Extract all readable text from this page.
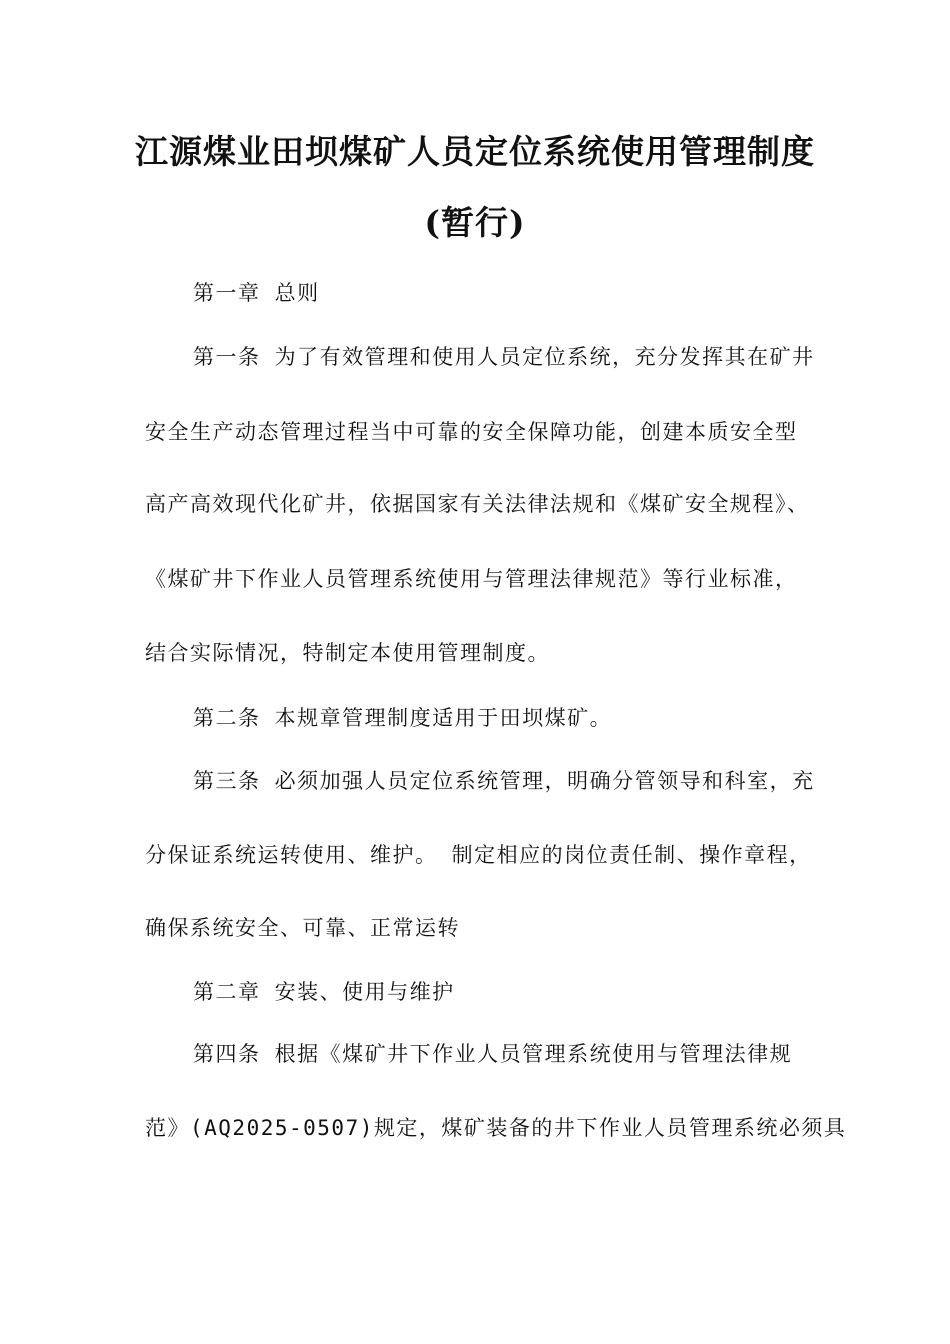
江源煤业田坝煤矿人员定位系统使用管理制度
(暂行)

第一章 总则

第一条 为了有效管理和使用人员定位系统，充分发挥其在矿井

安全生产动态管理过程当中可靠的安全保障功能，创建本质安全型

高产高效现代化矿井，依据国家有关法律法规和《煤矿安全规程》、

《煤矿井下作业人员管理系统使用与管理法律规范》等行业标准，

结合实际情况，特制定本使用管理制度。

第二条 本规章管理制度适用于田坝煤矿。

第三条 必须加强人员定位系统管理，明确分管领导和科室，充

分保证系统运转使用、维护。 制定相应的岗位责任制、操作章程，

确保系统安全、可靠、正常运转

第二章 安装、使用与维护

第四条 根据《煤矿井下作业人员管理系统使用与管理法律规

范》(AQ2025-0507)规定，煤矿装备的井下作业人员管理系统必须具
